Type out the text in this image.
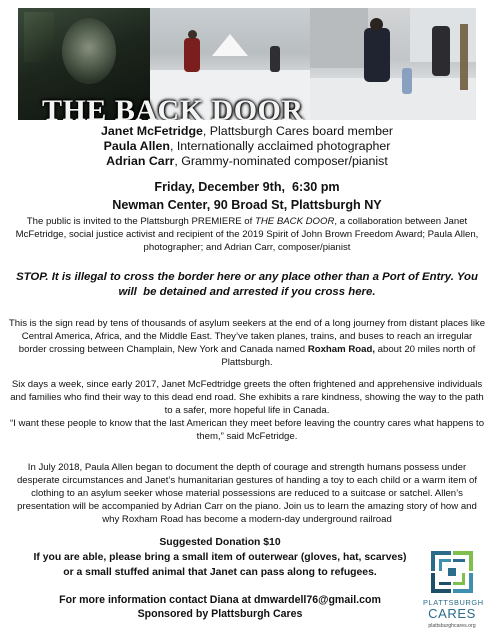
THE BACK DOOR
Janet McFetridge, Plattsburgh Cares board member
Paula Allen, Internationally acclaimed photographer
Adrian Carr, Grammy-nominated composer/pianist
Friday, December 9th,  6:30 pm
Newman Center, 90 Broad St, Plattsburgh NY
The public is invited to the Plattsburgh PREMIERE of THE BACK DOOR, a collaboration between Janet McFetridge, social justice activist and recipient of the 2019 Spirit of John Brown Freedom Award; Paula Allen, photographer; and Adrian Carr, composer/pianist
STOP. It is illegal to cross the border here or any place other than a Port of Entry. You will  be detained and arrested if you cross here.
This is the sign read by tens of thousands of asylum seekers at the end of a long journey from distant places like Central America, Africa, and the Middle East. They’ve taken planes, trains, and buses to reach an irregular border crossing between Champlain, New York and Canada named Roxham Road, about 20 miles north of Plattsburgh.
Six days a week, since early 2017, Janet McFedtridge greets the often frightened and apprehensive individuals and families who find their way to this dead end road. She exhibits a rare kindness, showing the way to the path to a safer, more hopeful life in Canada.
“I want these people to know that the last American they meet before leaving the country cares what happens to them,” said McFetridge.
In July 2018, Paula Allen began to document the depth of courage and strength humans possess under desperate circumstances and Janet’s humanitarian gestures of handing a toy to each child or a warm item of clothing to an asylum seeker whose material possessions are reduced to a suitcase or satchel. Allen’s presentation will be accompanied by Adrian Carr on the piano. Join us to learn the amazing story of how and why Roxham Road has become a modern-day underground railroad
Suggested Donation $10
If you are able, please bring a small item of outerwear (gloves, hat, scarves)
or a small stuffed animal that Janet can pass along to refugees.
For more information contact Diana at dmwardell76@gmail.com
Sponsored by Plattsburgh Cares
PLATTSBURGH
CARES
plattsburghcares.org
